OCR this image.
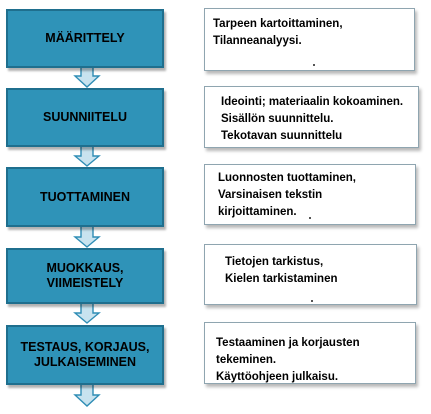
MÄÄRITTELY
Tarpeen kartoittaminen,
Tilanneanalyysi.
SUUNNIITELU
Ideointi; materiaalin kokoaminen.
Sisällön suunnittelu.
Tekotavan suunnittelu
TUOTTAMINEN
Luonnosten tuottaminen,
Varsinaisen tekstin
kirjoittaminen.
MUOKKAUS,
VIIMEISTELY
Tietojen tarkistus,
Kielen tarkistaminen
TESTAUS, KORJAUS,
JULKAISEMINEN
Testaaminen ja korjausten
tekeminen.
Käyttöohjeen julkaisu.
